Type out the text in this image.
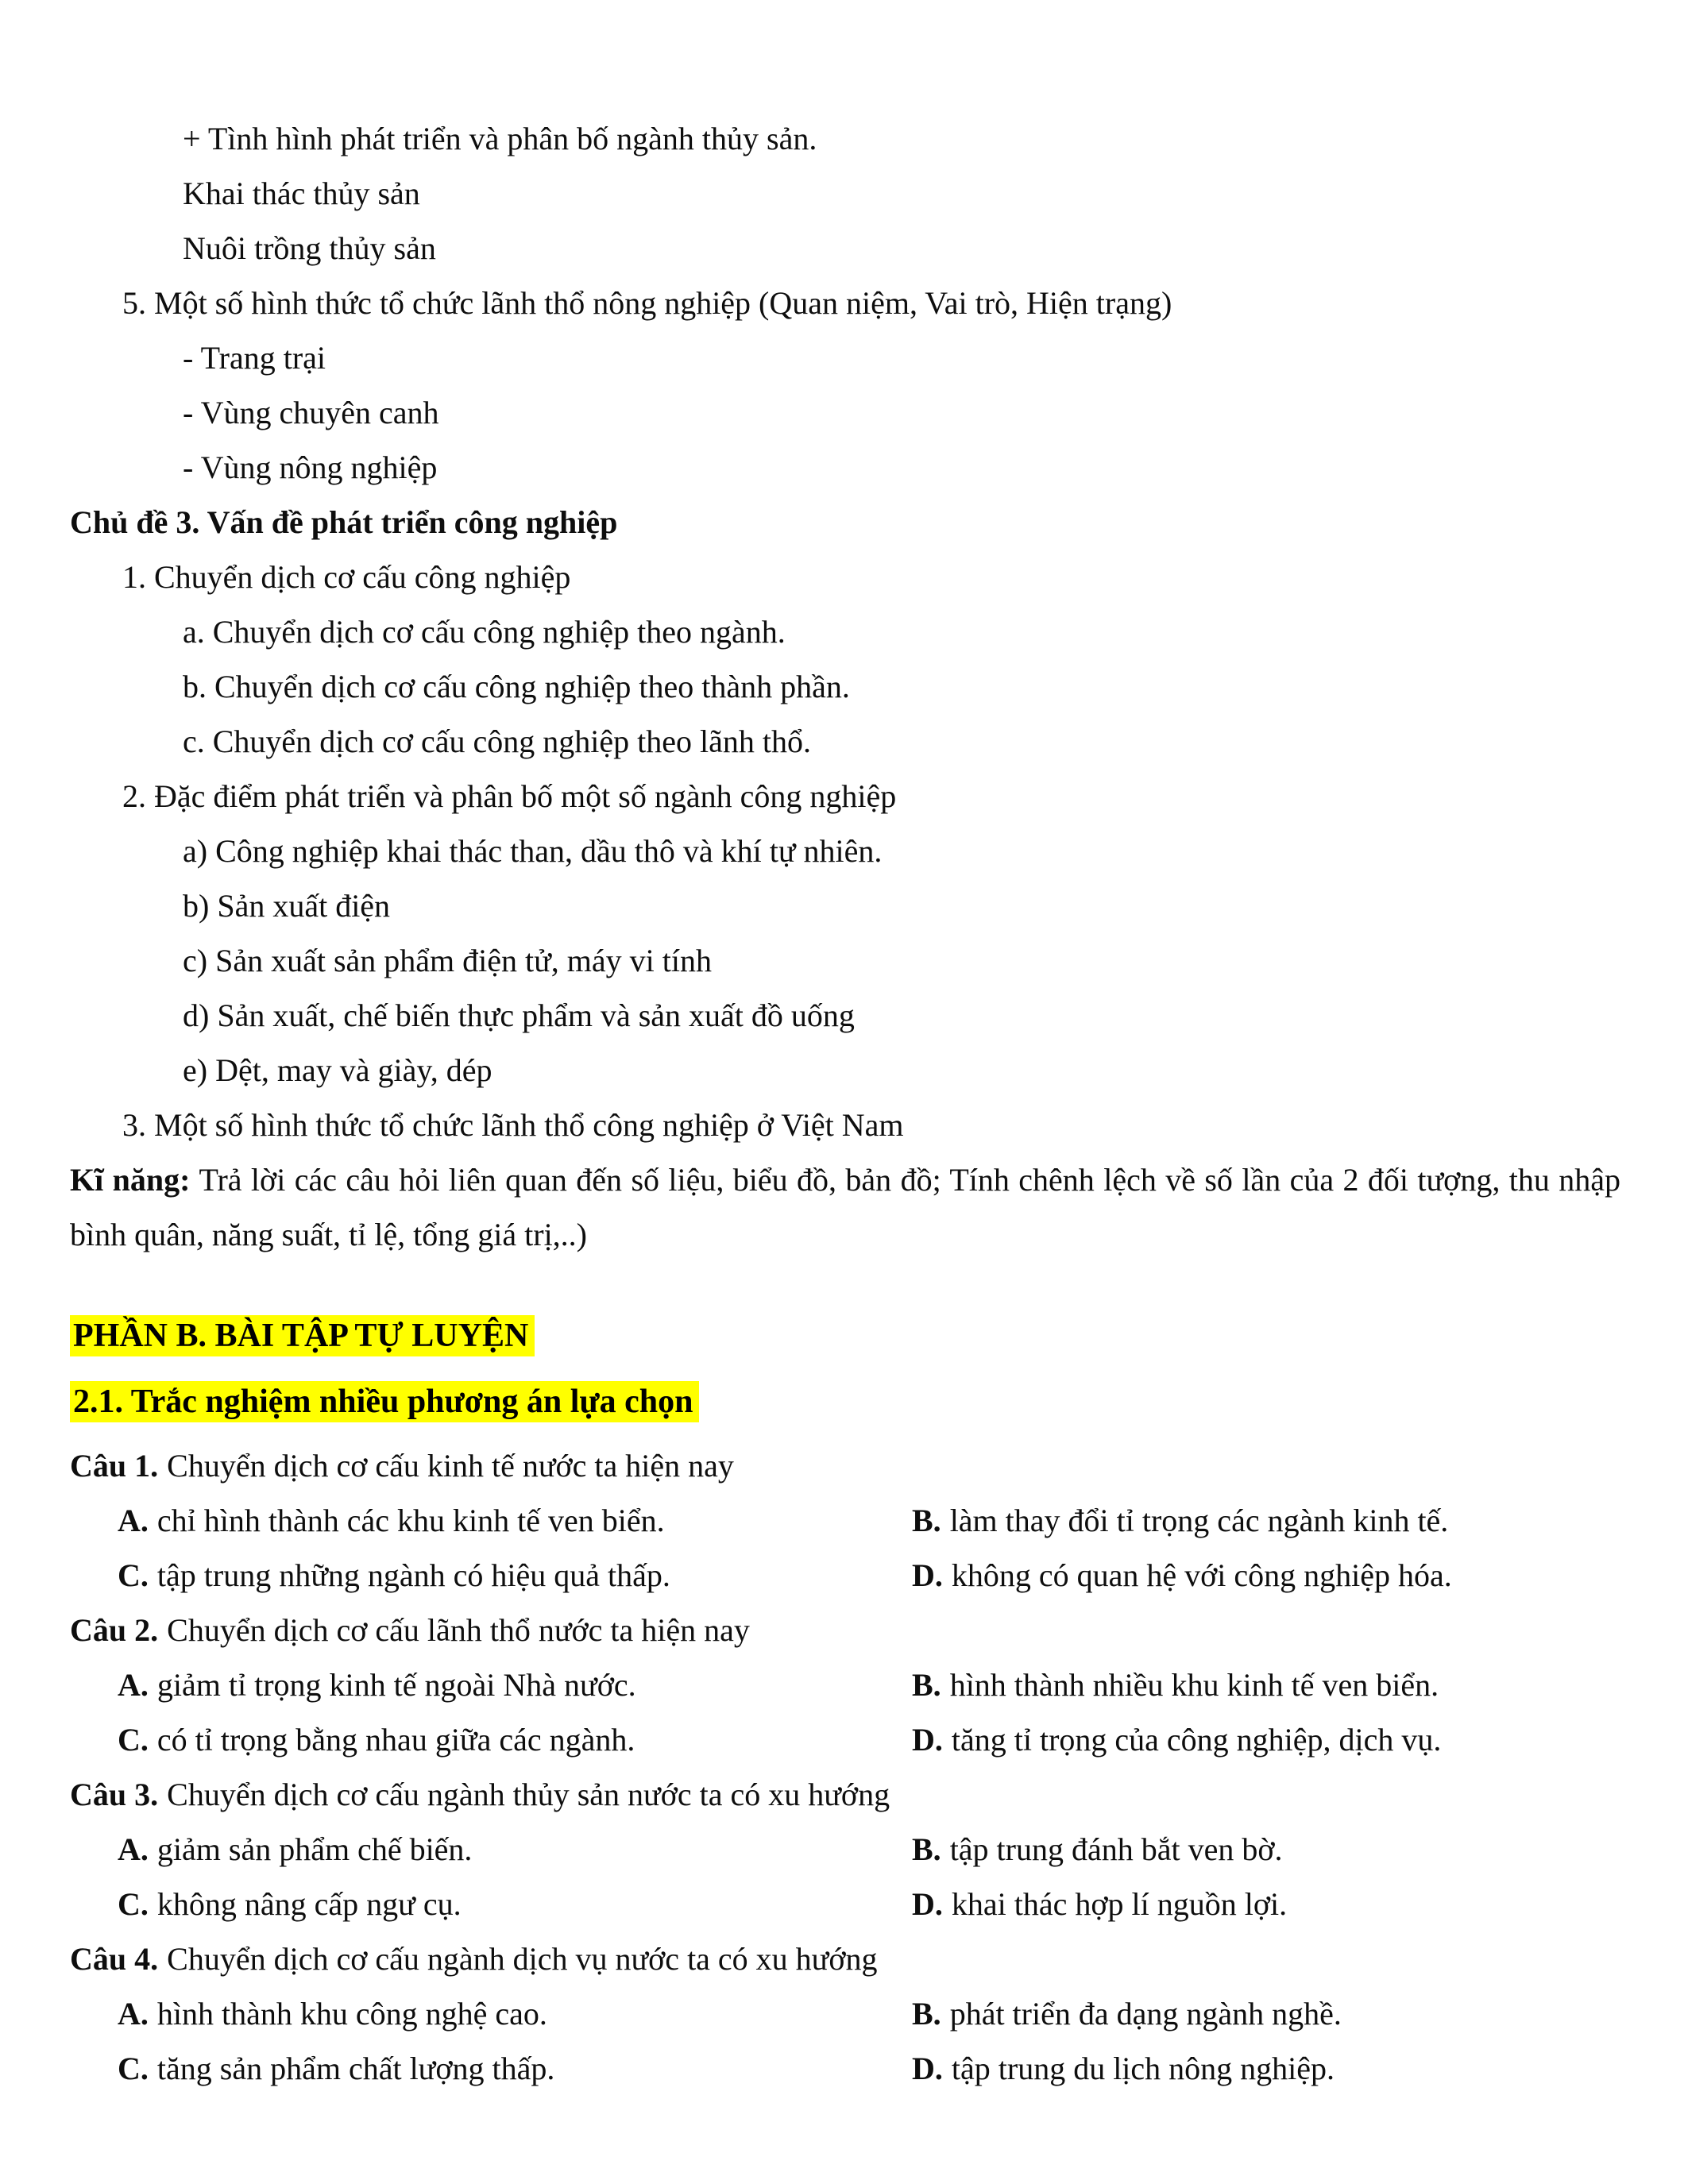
+ Tình hình phát triển và phân bố ngành thủy sản.
Khai thác thủy sản
Nuôi trồng thủy sản
5. Một số hình thức tổ chức lãnh thổ nông nghiệp (Quan niệm, Vai trò, Hiện trạng)
- Trang trại
- Vùng chuyên canh
- Vùng nông nghiệp
Chủ đề 3. Vấn đề phát triển công nghiệp
1. Chuyển dịch cơ cấu công nghiệp
a. Chuyển dịch cơ cấu công nghiệp theo ngành.
b. Chuyển dịch cơ cấu công nghiệp theo thành phần.
c. Chuyển dịch cơ cấu công nghiệp theo lãnh thổ.
2. Đặc điểm phát triển và phân bố một số ngành công nghiệp
a) Công nghiệp khai thác than, dầu thô và khí tự nhiên.
b) Sản xuất điện
c) Sản xuất sản phẩm điện tử, máy vi tính
d) Sản xuất, chế biến thực phẩm và sản xuất đồ uống
e) Dệt, may và giày, dép
3. Một số hình thức tổ chức lãnh thổ công nghiệp ở Việt Nam

Kĩ năng: Trả lời các câu hỏi liên quan đến số liệu, biểu đồ, bản đồ; Tính chênh lệch về số lần của 2 đối tượng, thu nhập bình quân, năng suất, tỉ lệ, tổng giá trị,..)

PHẦN B. BÀI TẬP TỰ LUYỆN
2.1. Trắc nghiệm nhiều phương án lựa chọn
Câu 1. Chuyển dịch cơ cấu kinh tế nước ta hiện nay
A. chỉ hình thành các khu kinh tế ven biển.	B. làm thay đổi tỉ trọng các ngành kinh tế.
C. tập trung những ngành có hiệu quả thấp.	D. không có quan hệ với công nghiệp hóa.
Câu 2. Chuyển dịch cơ cấu lãnh thổ nước ta hiện nay
A. giảm tỉ trọng kinh tế ngoài Nhà nước.	B. hình thành nhiều khu kinh tế ven biển.
C. có tỉ trọng bằng nhau giữa các ngành.	D. tăng tỉ trọng của công nghiệp, dịch vụ.
Câu 3. Chuyển dịch cơ cấu ngành thủy sản nước ta có xu hướng
A. giảm sản phẩm chế biến.	B. tập trung đánh bắt ven bờ.
C. không nâng cấp ngư cụ.	D. khai thác hợp lí nguồn lợi.
Câu 4. Chuyển dịch cơ cấu ngành dịch vụ nước ta có xu hướng
A. hình thành khu công nghệ cao.	B. phát triển đa dạng ngành nghề.
C. tăng sản phẩm chất lượng thấp.	D. tập trung du lịch nông nghiệp.
